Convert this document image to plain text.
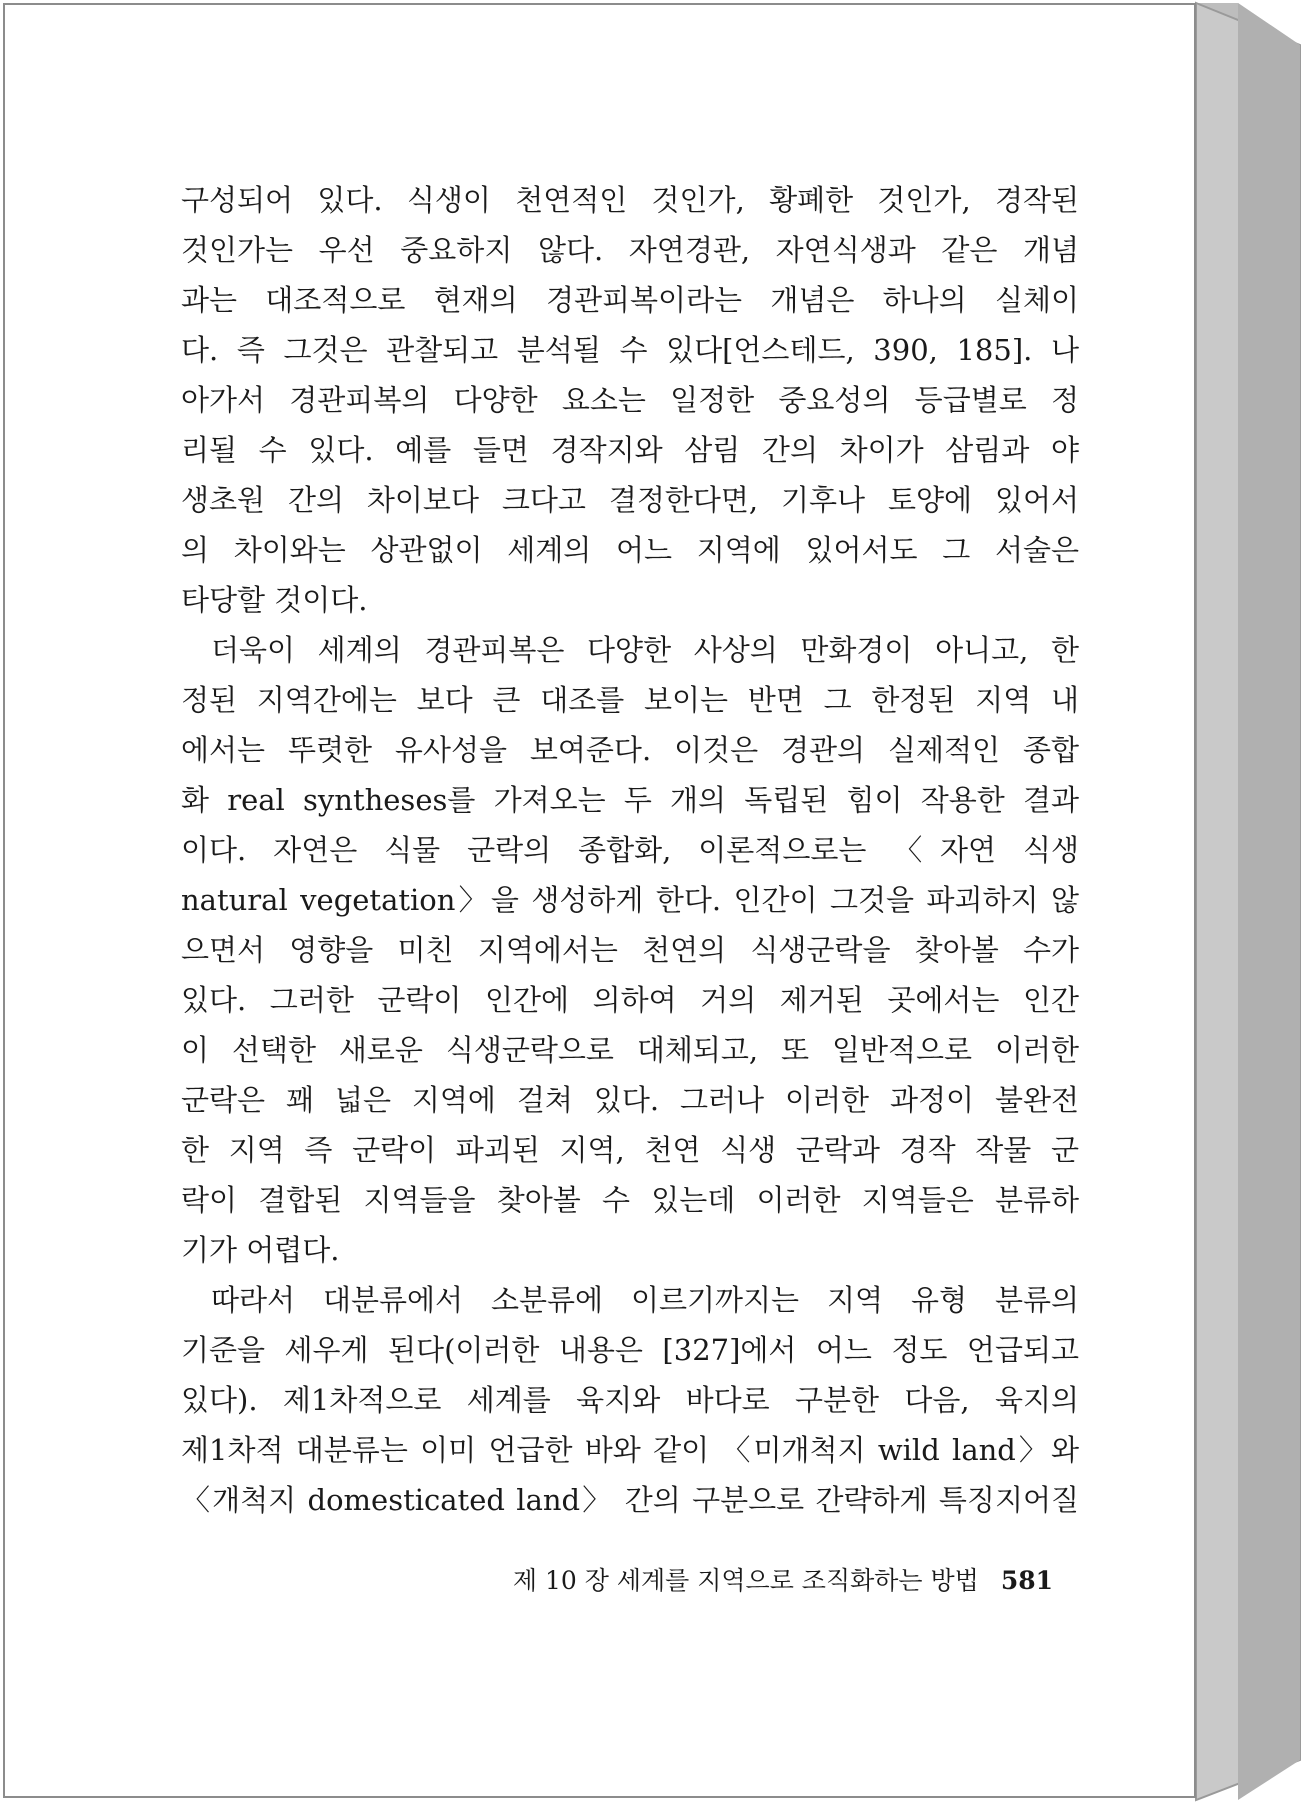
구성되어 있다. 식생이 천연적인 것인가, 황폐한 것인가, 경작된
것인가는 우선 중요하지 않다. 자연경관, 자연식생과 같은 개념
과는 대조적으로 현재의 경관피복이라는 개념은 하나의 실체이
다. 즉 그것은 관찰되고 분석될 수 있다[언스테드, 390, 185]. 나
아가서 경관피복의 다양한 요소는 일정한 중요성의 등급별로 정
리될 수 있다. 예를 들면 경작지와 삼림 간의 차이가 삼림과 야
생초원 간의 차이보다 크다고 결정한다면, 기후나 토양에 있어서
의 차이와는 상관없이 세계의 어느 지역에 있어서도 그 서술은
타당할 것이다.
더욱이 세계의 경관피복은 다양한 사상의 만화경이 아니고, 한
정된 지역간에는 보다 큰 대조를 보이는 반면 그 한정된 지역 내
에서는 뚜렷한 유사성을 보여준다. 이것은 경관의 실제적인 종합
화 real syntheses를 가져오는 두 개의 독립된 힘이 작용한 결과
이다. 자연은 식물 군락의 종합화, 이론적으로는 〈자연 식생
natural vegetation〉을 생성하게 한다. 인간이 그것을 파괴하지 않
으면서 영향을 미친 지역에서는 천연의 식생군락을 찾아볼 수가
있다. 그러한 군락이 인간에 의하여 거의 제거된 곳에서는 인간
이 선택한 새로운 식생군락으로 대체되고, 또 일반적으로 이러한
군락은 꽤 넓은 지역에 걸쳐 있다. 그러나 이러한 과정이 불완전
한 지역 즉 군락이 파괴된 지역, 천연 식생 군락과 경작 작물 군
락이 결합된 지역들을 찾아볼 수 있는데 이러한 지역들은 분류하
기가 어렵다.
따라서 대분류에서 소분류에 이르기까지는 지역 유형 분류의
기준을 세우게 된다(이러한 내용은 [327]에서 어느 정도 언급되고
있다). 제1차적으로 세계를 육지와 바다로 구분한 다음, 육지의
제1차적 대분류는 이미 언급한 바와 같이 〈미개척지 wild land〉와
〈개척지 domesticated land〉 간의 구분으로 간략하게 특징지어질
제 10 장 세계를 지역으로 조직화하는 방법 581
